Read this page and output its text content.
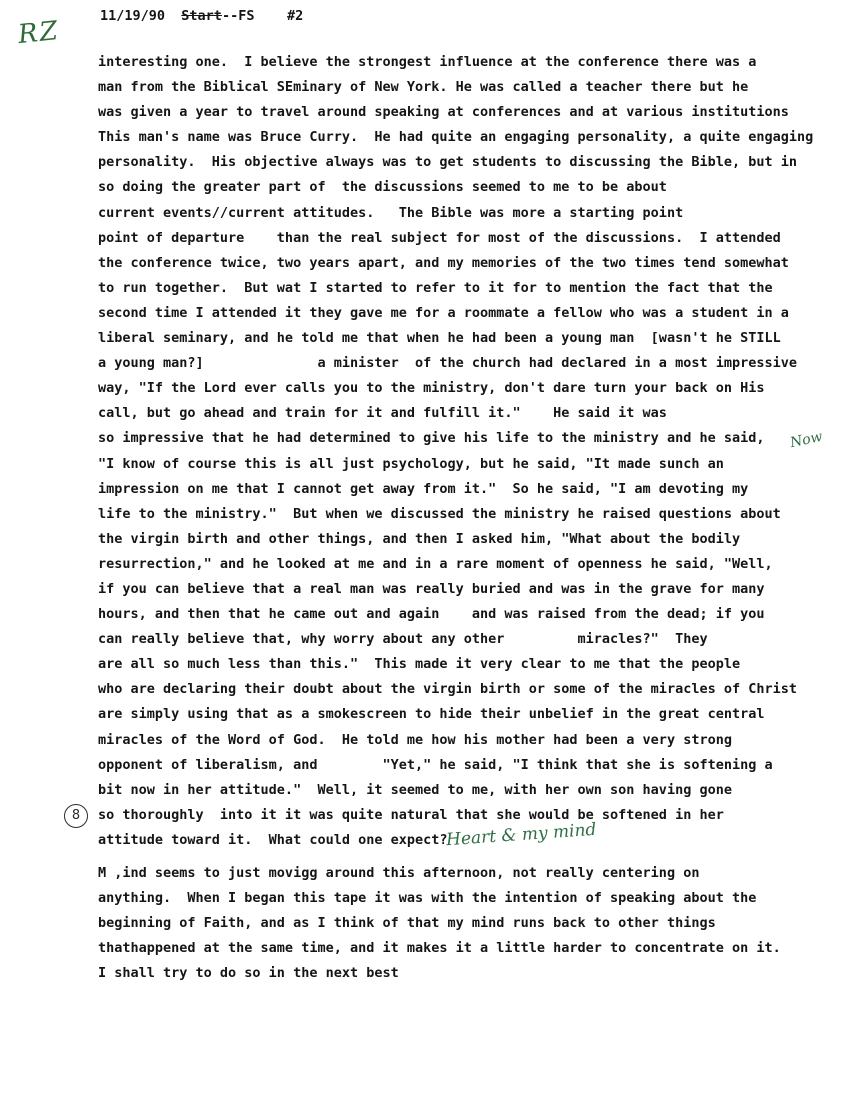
RZ	11/19/90 Start--FS #2
interesting one.  I believe the strongest influence at the conference there was a
man from the Biblical SEminary of New York. He was called a teacher there but he
was given a year to travel around speaking at conferences and at various institutions
This man's name was Bruce Curry.  He had quite an engaging personality, a quite engaging
personality.  His objective always was to get students to discussing the Bible, but in
so doing the greater part of  the discussions seemed to me to be about
current events//current attitudes.   The Bible was more a starting point
point of departure    than the real subject for most of the discussions.  I attended
the conference twice, two years apart, and my memories of the two times tend somewhat
to run together.  But wat I started to refer to it for to mention the fact that the
second time I attended it they gave me for a roommate a fellow who was a student in a
liberal seminary, and he told me that when he had been a young man  [wasn't he STILL
a young man?]              a minister  of the church had declared in a most impressive
way, "If the Lord ever calls you to the ministry, don't dare turn your back on His
call, but go ahead and train for it and fulfill it."    He said it was
so impressive that he had determined to give his life to the ministry and he said,
"I know of course this is all just psychology, but he said, "It made sunch an
impression on me that I cannot get away from it."  So he said, "I am devoting my
life to the ministry."  But when we discussed the ministry he raised questions about
the virgin birth and other things, and then I asked him, "What about the bodily
resurrection," and he looked at me and in a rare moment of openness he said, "Well,
if you can believe that a real man was really buried and was in the grave for many
hours, and then that he came out and again    and was raised from the dead; if you
can really believe that, why worry about any other         miracles?"  They
are all so much less than this."  This made it very clear to me that the people
who are declaring their doubt about the virgin birth or some of the miracles of Christ
are simply using that as a smokescreen to hide their unbelief in the great central
miracles of the Word of God.  He told me how his mother had been a very strong
opponent of liberalism, and        "Yet," he said, "I think that she is softening a
bit now in her attitude."  Well, it seemed to me, with her own son having gone
so thoroughly  into it it was quite natural that she would be softened in her
attitude toward it.  What could one expect?
M ,ind seems to just movigg around this afternoon, not really centering on
anything.  When I began this tape it was with the intention of speaking about the
beginning of Faith, and as I think of that my mind runs back to other things
thathappened at the same time, and it makes it a little harder to concentrate on it.
I shall try to do so in the next best
8
Heart & my mind
Now
